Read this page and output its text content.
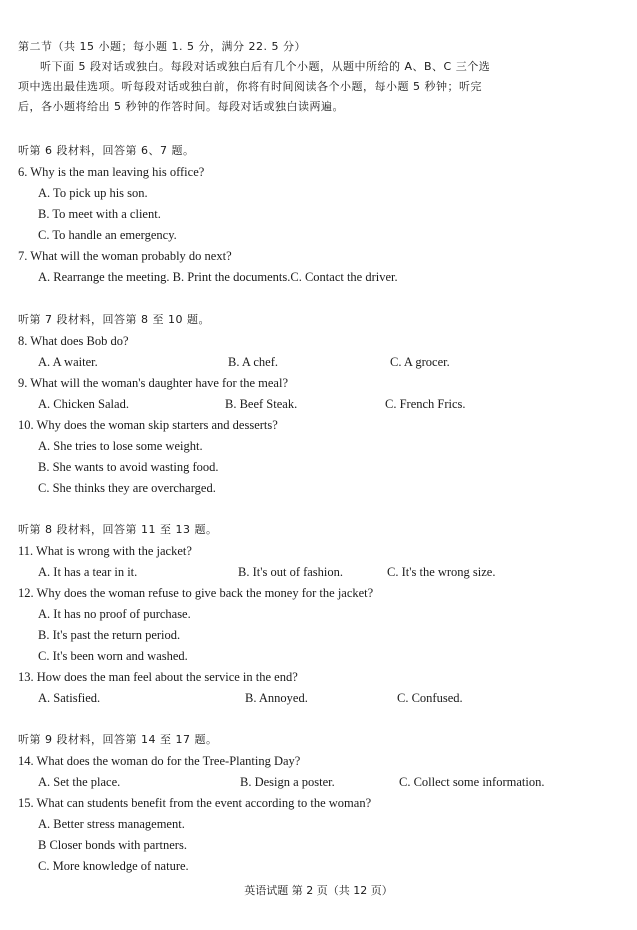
第二节（共 15 小题；每小题 1. 5 分，满分 22. 5 分）
听下面 5 段对话或独白。每段对话或独白后有几个小题，从题中所给的 A、B、C 三个选
项中选出最佳选项。听每段对话或独白前，你将有时间阅读各个小题，每小题 5 秒钟；听完
后，各小题将给出 5 秒钟的作答时间。每段对话或独白读两遍。
听第 6 段材料，回答第 6、7 题。
6. Why is the man leaving his office?
A. To pick up his son.
B. To meet with a client.
C. To handle an emergency.
7. What will the woman probably do next?
A. Rearrange the meeting. B. Print the documents.C. Contact the driver.
听第 7 段材料，回答第 8 至 10 题。
8. What does Bob do?
A. A waiter.	B. A chef.	C. A grocer.
9. What will the woman's daughter have for the meal?
A. Chicken Salad.	B. Beef Steak.	C. French Frics.
10. Why does the woman skip starters and desserts?
A. She tries to lose some weight.
B. She wants to avoid wasting food.
C. She thinks they are overcharged.
听第 8 段材料，回答第 11 至 13 题。
11. What is wrong with the jacket?
A. It has a tear in it.	B. It's out of fashion.	C. It's the wrong size.
12. Why does the woman refuse to give back the money for the jacket?
A. It has no proof of purchase.
B. It's past the return period.
C. It's been worn and washed.
13. How does the man feel about the service in the end?
A. Satisfied.	B. Annoyed.	C. Confused.
听第 9 段材料，回答第 14 至 17 题。
14. What does the woman do for the Tree-Planting Day?
A. Set the place.	B. Design a poster.	C. Collect some information.
15. What can students benefit from the event according to the woman?
A. Better stress management.
B Closer bonds with partners.
C. More knowledge of nature.
英语试题 第 2 页（共 12 页）
